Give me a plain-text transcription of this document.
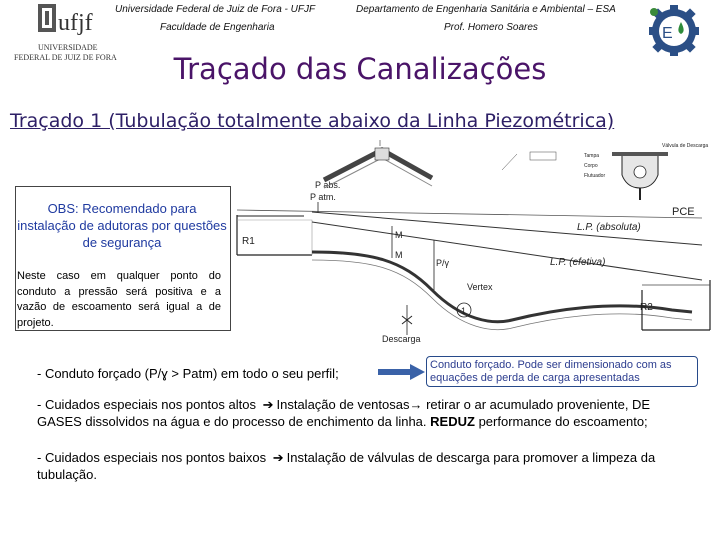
ufjf
UNIVERSIDADE
FEDERAL DE JUIZ DE FORA
Universidade Federal de Juiz de Fora - UFJF
Faculdade de Engenharia
Departamento de Engenharia Sanitária e Ambiental – ESA
Prof. Homero Soares	E
Traçado das Canalizações
Traçado 1 (Tubulação totalmente abaixo da Linha Piezométrica)
R1
PCE
L.P. (absoluta)
L.P. (efetiva)
P abs.
P atm.
R2
M
M
P/γ
Vertex
Descarga
1
Tampa
Corpo
Flutuador
Válvula de Descarga
OBS: Recomendado para instalação de adutoras por questões de segurança
Neste caso em qualquer ponto do conduto a pressão será positiva e a vazão de escoamento será igual a de projeto.
- Conduto forçado (P/ɣ > Patm) em todo o seu perfil;
Conduto forçado. Pode ser dimensionado com as equações de perda de carga apresentadas
- Cuidados especiais nos pontos altos ➔ Instalação de ventosas→ retirar o ar acumulado proveniente, DE GASES dissolvidos na água e do processo de enchimento da linha. REDUZ performance do escoamento;
- Cuidados especiais nos pontos baixos ➔ Instalação de válvulas de descarga para promover a limpeza da tubulação.
